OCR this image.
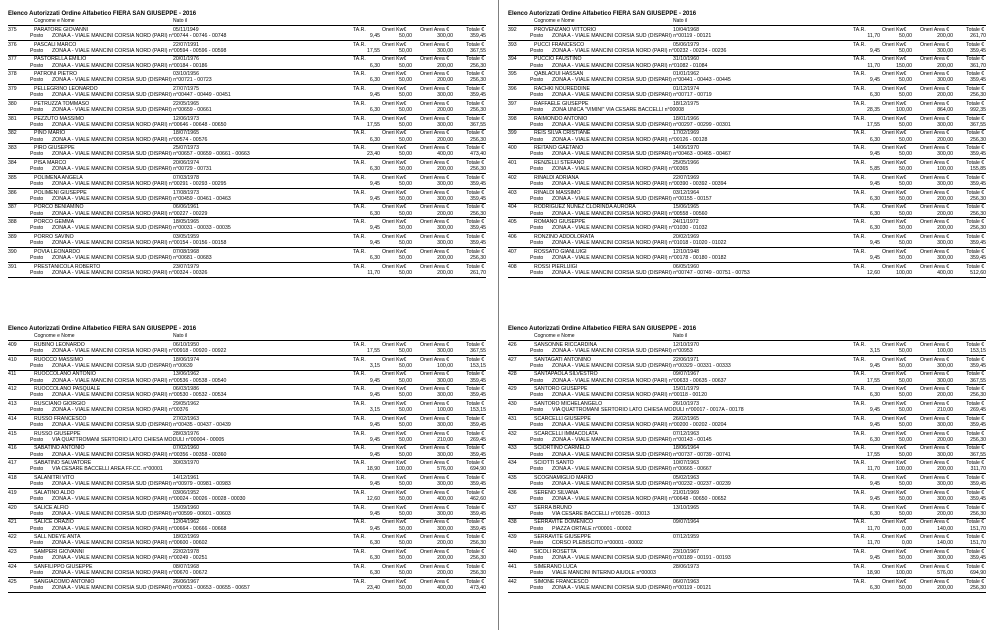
Elenco Autorizzati Ordine Alfabetico FIERA SAN GIUSEPPE - 2016
Cognome e Nome	Nato il
375	PARATORE GIOVANNI	05/11/1949	TA.R.	Oneri Kw€	Oneri Area €	Totale €
Posto ZONA A - VIALE MANCINI CORSIA NORD (PARI) n°00744 - 00746 - 00748	9,45	50,00	300,00	359,45
376	PASCALI MARCO	22/07/1991	TA.R.	Oneri Kw€	Oneri Area €	Totale €
Posto ZONA A - VIALE MANCINI CORSIA NORD (PARI) n°00594 - 00596 - 00598	17,55	50,00	300,00	367,55
377	PASTORELLA EMILIO	20/01/1976	TA.R.	Oneri Kw€	Oneri Area €	Totale €
Posto ZONA A - VIALE MANCINI CORSIA NORD (PARI) n°00184 - 00186	6,30	50,00	200,00	256,30
378	PATRONI PIETRO	03/10/1956	TA.R.	Oneri Kw€	Oneri Area €	Totale €
Posto ZONA A - VIALE MANCINI CORSIA SUD (DISPARI) n°00721 - 00723	6,30	50,00	200,00	256,30
379	PELLEGRINO LEONARDO	27/07/1975	TA.R.	Oneri Kw€	Oneri Area €	Totale €
Posto ZONA A - VIALE MANCINI CORSIA SUD (DISPARI) n°00447 - 00449 - 00451	9,45	50,00	300,00	359,45
380	PETRUZZA TOMMASO	22/05/1965	TA.R.	Oneri Kw€	Oneri Area €	Totale €
Posto ZONA A - VIALE MANCINI CORSIA SUD (DISPARI) n°00659 - 00661	6,30	50,00	200,00	256,30
381	PEZZUTO MASSIMO	12/06/1973	TA.R.	Oneri Kw€	Oneri Area €	Totale €
Posto ZONA A - VIALE MANCINI CORSIA NORD (PARI) n°00646 - 00648 - 00650	17,55	50,00	300,00	367,55
382	PINO MARIO	18/07/1965	TA.R.	Oneri Kw€	Oneri Area €	Totale €
Posto ZONA A - VIALE MANCINI CORSIA NORD (PARI) n°00574 - 00576	6,30	50,00	200,00	256,30
383	PIRO GIUSEPPE	25/07/1973	TA.R.	Oneri Kw€	Oneri Area €	Totale €
Posto ZONA A - VIALE MANCINI CORSIA SUD (DISPARI) n°00657 - 00659 - 00661 - 00663	23,40	50,00	400,00	473,40
384	PISA MARCO	20/06/1974	TA.R.	Oneri Kw€	Oneri Area €	Totale €
Posto ZONA A - VIALE MANCINI CORSIA SUD (DISPARI) n°00729 - 00731	6,30	50,00	200,00	256,30
385	POLIMENA ANGELA	07/03/1978	TA.R.	Oneri Kw€	Oneri Area €	Totale €
Posto ZONA A - VIALE MANCINI CORSIA NORD (PARI) n°00291 - 00293 - 00295	9,45	50,00	300,00	359,45
386	POLIMENI GIUSEPPE	17/08/1973	TA.R.	Oneri Kw€	Oneri Area €	Totale €
Posto ZONA A - VIALE MANCINI CORSIA SUD (DISPARI) n°00459 - 00461 - 00463	9,45	50,00	300,00	359,45
387	PORCO BENIAMINO	06/06/1961	TA.R.	Oneri Kw€	Oneri Area €	Totale €
Posto ZONA A - VIALE MANCINI CORSIA NORD (PARI) n°00227 - 00229	6,30	50,00	200,00	256,30
388	PORCO GEMMA	18/05/1965	TA.R.	Oneri Kw€	Oneri Area €	Totale €
Posto ZONA A - VIALE MANCINI CORSIA SUD (DISPARI) n°00031 - 00033 - 00035	9,45	50,00	300,00	359,45
389	PORRO SAVINO	03/05/1959	TA.R.	Oneri Kw€	Oneri Area €	Totale €
Posto ZONA A - VIALE MANCINI CORSIA NORD (PARI) n°00154 - 00156 - 00158	9,45	50,00	300,00	359,45
390	POVIA LEONARDO	07/08/1968	TA.R.	Oneri Kw€	Oneri Area €	Totale €
Posto ZONA A - VIALE MANCINI CORSIA SUD (DISPARI) n°00681 - 00683	6,30	50,00	200,00	256,30
391	PRESTANICOLA ROBERTO	23/07/1979	TA.R.	Oneri Kw€	Oneri Area €	Totale €
Posto ZONA A - VIALE MANCINI CORSIA NORD (PARI) n°00324 - 00326	11,70	50,00	200,00	261,70
Elenco Autorizzati Ordine Alfabetico FIERA SAN GIUSEPPE - 2016
Cognome e Nome	Nato il
392	PROVENZANO VITTORIO	10/04/1968	TA.R.	Oneri Kw€	Oneri Area €	Totale €
Posto ZONA A - VIALE MANCINI CORSIA SUD (DISPARI) n°00119 - 00121	11,70	50,00	200,00	261,70
393	PUCCI FRANCESCO	05/06/1979	TA.R.	Oneri Kw€	Oneri Area €	Totale €
Posto ZONA A - VIALE MANCINI CORSIA NORD (PARI) n°00232 - 00234 - 00236	9,45	50,00	300,00	359,45
394	PUCCIO FAUSTINO	31/10/1960	TA.R.	Oneri Kw€	Oneri Area €	Totale €
Posto ZONA A - VIALE MANCINI CORSIA NORD (PARI) n°01082 - 01084	11,70	150,00	200,00	361,70
395	QABLAOUI HASSAN	01/01/1962	TA.R.	Oneri Kw€	Oneri Area €	Totale €
Posto ZONA A - VIALE MANCINI CORSIA SUD (DISPARI) n°00441 - 00443 - 00445	9,45	50,00	300,00	359,45
396	RACHKI NOUREDDINE	01/12/1974	TA.R.	Oneri Kw€	Oneri Area €	Totale €
Posto ZONA A - VIALE MANCINI CORSIA SUD (DISPARI) n°00717 - 00719	6,30	50,00	200,00	256,30
397	RAFFAELE GIUSEPPE	18/12/1975	TA.R.	Oneri Kw€	Oneri Area €	Totale €
Posto ZONA UNICA "VIMINI" VIA CESARE BACCELLI n°00008	28,35	100,00	864,00	992,35
398	RAIMONDO ANTONIO	18/01/1966	TA.R.	Oneri Kw€	Oneri Area €	Totale €
Posto ZONA A - VIALE MANCINI CORSIA SUD (DISPARI) n°00297 - 00299 - 00301	17,55	50,00	300,00	367,55
399	REIS SILVA CRISTIANE	17/02/1969	TA.R.	Oneri Kw€	Oneri Area €	Totale €
Posto ZONA A - VIALE MANCINI CORSIA NORD (PARI) n°00126 - 00128	6,30	50,00	200,00	256,30
400	REITANO GAETANO	14/06/1970	TA.R.	Oneri Kw€	Oneri Area €	Totale €
Posto ZONA A - VIALE MANCINI CORSIA SUD (DISPARI) n°00463 - 00465 - 00467	9,45	50,00	300,00	359,45
401	RENZELLI STEFANO	25/05/1966	TA.R.	Oneri Kw€	Oneri Area €	Totale €
Posto ZONA A - VIALE MANCINI CORSIA NORD (PARI) n°00365	5,85	50,00	100,00	155,85
402	RINALDI ADRIANA	22/07/1969	TA.R.	Oneri Kw€	Oneri Area €	Totale €
Posto ZONA A - VIALE MANCINI CORSIA NORD (PARI) n°00390 - 00392 - 00394	9,45	50,00	300,00	359,45
403	RINALDI MASSIMO	03/12/1964	TA.R.	Oneri Kw€	Oneri Area €	Totale €
Posto ZONA A - VIALE MANCINI CORSIA SUD (DISPARI) n°00155 - 00157	6,30	50,00	200,00	256,30
404	RODRIGUEZ NUÑEZ CLORINDA AURORA	15/06/1965	TA.R.	Oneri Kw€	Oneri Area €	Totale €
Posto ZONA A - VIALE MANCINI CORSIA NORD (PARI) n°00558 - 00560	6,30	50,00	200,00	256,30
405	ROMANO GIUSEPPE	24/11/1972	TA.R.	Oneri Kw€	Oneri Area €	Totale €
Posto ZONA A - VIALE MANCINI CORSIA NORD (PARI) n°01030 - 01032	6,30	50,00	200,00	256,30
406	RONZINO ADDOLORATA	20/02/1969	TA.R.	Oneri Kw€	Oneri Area €	Totale €
Posto ZONA A - VIALE MANCINI CORSIA NORD (PARI) n°01018 - 01020 - 01022	9,45	50,00	300,00	359,45
407	ROSSATO GIANLUIGI	12/10/1948	TA.R.	Oneri Kw€	Oneri Area €	Totale €
Posto ZONA A - VIALE MANCINI CORSIA NORD (PARI) n°00178 - 00180 - 00182	9,45	50,00	300,00	359,45
408	ROSSI PIERLUIGI	06/05/1960	TA.R.	Oneri Kw€	Oneri Area €	Totale €
Posto ZONA A - VIALE MANCINI CORSIA SUD (DISPARI) n°00747 - 00749 - 00751 - 00753	12,60	100,00	400,00	512,60
Elenco Autorizzati Ordine Alfabetico FIERA SAN GIUSEPPE - 2016
Cognome e Nome	Nato il
409	RUBINO LEONARDO	06/10/1950	TA.R.	Oneri Kw€	Oneri Area €	Totale €
Posto ZONA A - VIALE MANCINI CORSIA NORD (PARI) n°00918 - 00920 - 00922	17,55	50,00	300,00	367,55
410	RUOCCO MASSIMO	18/06/1974	TA.R.	Oneri Kw€	Oneri Area €	Totale €
Posto ZONA A - VIALE MANCINI CORSIA SUD (DISPARI) n°00639	3,15	50,00	100,00	153,15
411	RUOCCOLANO ANTONIO	13/06/1962	TA.R.	Oneri Kw€	Oneri Area €	Totale €
Posto ZONA A - VIALE MANCINI CORSIA NORD (PARI) n°00536 - 00538 - 00540	9,45	50,00	300,00	359,45
412	RUOCCOLANO PASQUALE	06/03/1986	TA.R.	Oneri Kw€	Oneri Area €	Totale €
Posto ZONA A - VIALE MANCINI CORSIA NORD (PARI) n°00530 - 00532 - 00534	9,45	50,00	300,00	359,45
413	RUSCIANO GIORGIO	29/05/1962	TA.R.	Oneri Kw€	Oneri Area €	Totale €
Posto ZONA A - VIALE MANCINI CORSIA NORD (PARI) n°00376	3,15	50,00	100,00	153,15
414	RUSSO FRANCESCO	27/02/1963	TA.R.	Oneri Kw€	Oneri Area €	Totale €
Posto ZONA A - VIALE MANCINI CORSIA SUD (DISPARI) n°00435 - 00437 - 00439	9,45	50,00	300,00	359,45
415	RUSSO GIUSEPPE	28/03/1976	TA.R.	Oneri Kw€	Oneri Area €	Totale €
Posto VIA QUATTROMANI SERTORIO LATO CHIESA MODULI n°00004 - 00005	9,45	50,00	210,00	269,45
416	SABATINO ANTONIO	07/02/1960	TA.R.	Oneri Kw€	Oneri Area €	Totale €
Posto ZONA A - VIALE MANCINI CORSIA NORD (PARI) n°00356 - 00358 - 00360	9,45	50,00	300,00	359,45
417	SABATINO SALVATORE	30/03/1970	TA.R.	Oneri Kw€	Oneri Area €	Totale €
Posto VIA CESARE BACCELLI AREA FF.CC. n°00001	18,90	100,00	576,00	694,90
418	SALANITRI VITO	14/12/1961	TA.R.	Oneri Kw€	Oneri Area €	Totale €
Posto ZONA A - VIALE MANCINI CORSIA SUD (DISPARI) n°00979 - 00981 - 00983	9,45	50,00	300,00	359,45
419	SALATINO ALDO	03/06/1952	TA.R.	Oneri Kw€	Oneri Area €	Totale €
Posto ZONA A - VIALE MANCINI CORSIA NORD (PARI) n°00024 - 00026 - 00028 - 00030	12,60	50,00	400,00	462,60
420	SALICE ALFIO	15/09/1960	TA.R.	Oneri Kw€	Oneri Area €	Totale €
Posto ZONA A - VIALE MANCINI CORSIA SUD (DISPARI) n°00599 - 00601 - 00603	9,45	50,00	300,00	359,45
421	SALICE ORAZIO	12/04/1962	TA.R.	Oneri Kw€	Oneri Area €	Totale €
Posto ZONA A - VIALE MANCINI CORSIA NORD (PARI) n°00664 - 00666 - 00668	9,45	50,00	300,00	359,45
422	SALL NDEYE ANTA	18/02/1969	TA.R.	Oneri Kw€	Oneri Area €	Totale €
Posto ZONA A - VIALE MANCINI CORSIA NORD (PARI) n°00600 - 00602	6,30	50,00	200,00	256,30
423	SAMPERI GIOVANNI	22/02/1978	TA.R.	Oneri Kw€	Oneri Area €	Totale €
Posto ZONA A - VIALE MANCINI CORSIA NORD (PARI) n°00249 - 00251	6,30	50,00	200,00	256,30
424	SANFILIPPO GIUSEPPE	08/07/1968	TA.R.	Oneri Kw€	Oneri Area €	Totale €
Posto ZONA A - VIALE MANCINI CORSIA NORD (PARI) n°00670 - 00672	6,30	50,00	200,00	256,30
425	SANGIACOMO ANTONIO	26/06/1967	TA.R.	Oneri Kw€	Oneri Area €	Totale €
Posto ZONA A - VIALE MANCINI CORSIA SUD (DISPARI) n°00651 - 00653 - 00655 - 00657	23,40	50,00	400,00	473,40
Elenco Autorizzati Ordine Alfabetico FIERA SAN GIUSEPPE - 2016
Cognome e Nome	Nato il
426	SANSONNE RICCARDINA	12/10/1970	TA.R.	Oneri Kw€	Oneri Area €	Totale €
Posto ZONA A - VIALE MANCINI CORSIA SUD (DISPARI) n°00953	3,15	50,00	100,00	153,15
427	SANTAGATI ANTONINO	22/06/1971	TA.R.	Oneri Kw€	Oneri Area €	Totale €
Posto ZONA A - VIALE MANCINI CORSIA SUD (DISPARI) n°00329 - 00331 - 00333	9,45	50,00	300,00	359,45
428	SANTAPAOLA SILVESTRO	09/07/1967	TA.R.	Oneri Kw€	Oneri Area €	Totale €
Posto ZONA A - VIALE MANCINI CORSIA NORD (PARI) n°00633 - 00635 - 00637	17,55	50,00	300,00	367,55
429	SANTORO GIUSEPPE	15/01/1979	TA.R.	Oneri Kw€	Oneri Area €	Totale €
Posto ZONA A - VIALE MANCINI CORSIA NORD (PARI) n°00118 - 00120	6,30	50,00	200,00	256,30
430	SANTORO MICHELANGELO	26/10/1973	TA.R.	Oneri Kw€	Oneri Area €	Totale €
Posto VIA QUATTROMANI SERTORIO LATO CHIESA MODULI n°00017 - 0017A - 00178	9,45	50,00	210,00	269,45
431	SCARCELLI GIUSEPPE	26/02/1965	TA.R.	Oneri Kw€	Oneri Area €	Totale €
Posto ZONA A - VIALE MANCINI CORSIA NORD (PARI) n°00200 - 00202 - 00204	9,45	50,00	300,00	359,45
432	SCARCELLI IMMACOLATA	07/12/1963	TA.R.	Oneri Kw€	Oneri Area €	Totale €
Posto ZONA A - VIALE MANCINI CORSIA SUD (DISPARI) n°00143 - 00145	6,30	50,00	200,00	256,30
433	SCIORTINO CARMELO	18/06/1964	TA.R.	Oneri Kw€	Oneri Area €	Totale €
Posto ZONA A - VIALE MANCINI CORSIA SUD (DISPARI) n°00737 - 00739 - 00741	17,55	50,00	300,00	367,55
434	SCIOTTI SANTO	10/07/1963	TA.R.	Oneri Kw€	Oneri Area €	Totale €
Posto ZONA A - VIALE MANCINI CORSIA SUD (DISPARI) n°00665 - 00667	11,70	100,00	200,00	311,70
435	SCOGNAMIGLIO MARIO	05/02/1963	TA.R.	Oneri Kw€	Oneri Area €	Totale €
Posto ZONA A - VIALE MANCINI CORSIA SUD (DISPARI) n°00232 - 00237 - 00239	9,45	50,00	300,00	359,45
436	SERENO SILVANA	21/01/1969	TA.R.	Oneri Kw€	Oneri Area €	Totale €
Posto ZONA A - VIALE MANCINI CORSIA NORD (PARI) n°00648 - 00650 - 00652	9,45	50,00	300,00	359,45
437	SERRA BRUNO	13/10/1965	TA.R.	Oneri Kw€	Oneri Area €	Totale €
Posto VIA CESARE BACCELLI n°0012B - 00013	6,30	50,00	200,00	256,30
438	SERRAVITE DOMENICO	09/07/1964	TA.R.	Oneri Kw€	Oneri Area €	Totale €
Posto PIAZZA ORTALE n°00001 - 00002	11,70	0,00	140,00	151,70
439	SERRAVITE GIUSEPPE	07/12/1959	TA.R.	Oneri Kw€	Oneri Area €	Totale €
Posto CORSO PLEBISCITO n°00001 - 00002	11,70	0,00	140,00	151,70
440	SICOLI ROSETTA	23/10/1967	TA.R.	Oneri Kw€	Oneri Area €	Totale €
Posto ZONA A - VIALE MANCINI CORSIA SUD (DISPARI) n°00189 - 00191 - 00193	9,45	50,00	300,00	359,45
441	SIMERANO LUCA	28/06/1973	TA.R.	Oneri Kw€	Oneri Area €	Totale €
Posto VIALE MANCINI INTERNO AIUOLE n°00003	18,90	100,00	576,00	694,90
442	SIMONE FRANCESCO	06/07/1963	TA.R.	Oneri Kw€	Oneri Area €	Totale €
Posto ZONA A - VIALE MANCINI CORSIA SUD (DISPARI) n°00119 - 00121	6,30	50,00	200,00	256,30
